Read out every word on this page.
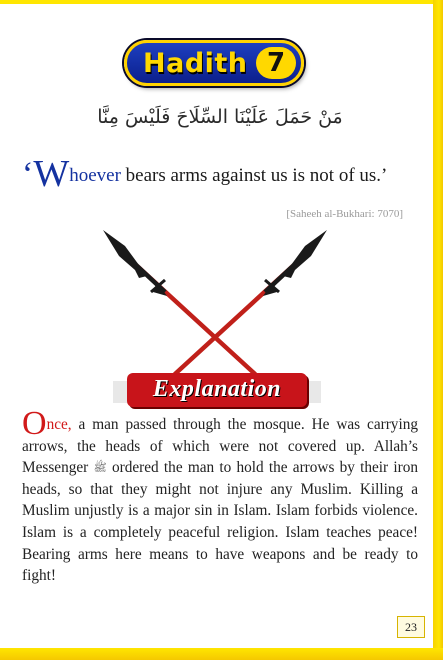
Hadith 7
مَنْ حَمَلَ عَلَيْنَا السِّلَاحَ فَلَيْسَ مِنَّا
‘Whoever bears arms against us is not of us.’
[Saheeh al-Bukhari: 7070]
Explanation
Once, a man passed through the mosque. He was carrying arrows, the heads of which were not covered up. Allah’s Messenger ﷺ ordered the man to hold the arrows by their iron heads, so that they might not injure any Muslim. Killing a Muslim unjustly is a major sin in Islam. Islam forbids violence. Islam is a completely peaceful religion. Islam teaches peace! Bearing arms here means to have weapons and be ready to fight!
23
